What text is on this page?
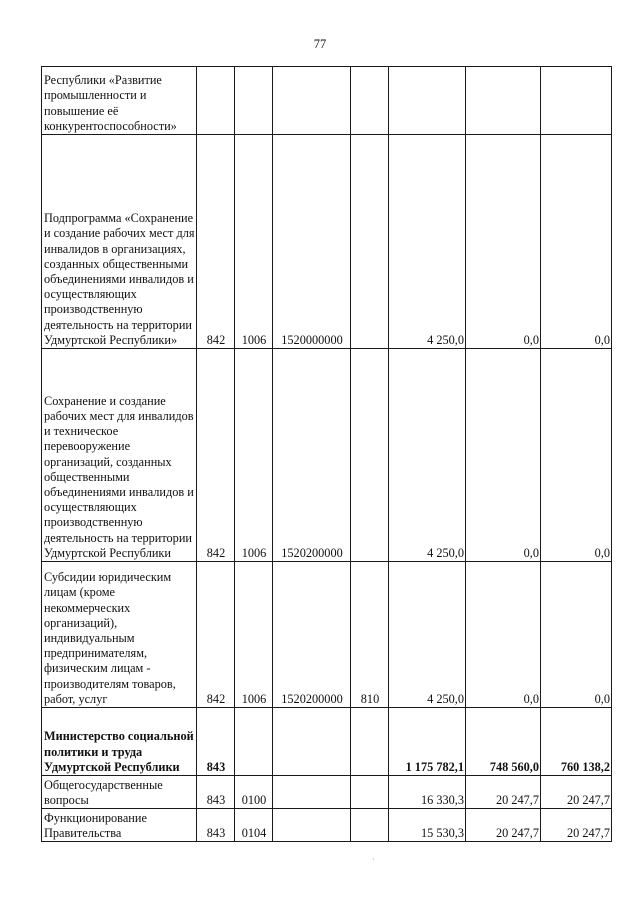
77
Республики «Развитие промышленности и повышение её конкурентоспособности»							
Подпрограмма «Сохранение и создание рабочих мест для инвалидов в организациях, созданных общественными объединениями инвалидов и осуществляющих производственную деятельность на территории Удмуртской Республики»	842	1006	1520000000		4 250,0	0,0	0,0
Сохранение и создание рабочих мест для инвалидов и техническое перевооружение организаций, созданных общественными объединениями инвалидов и осуществляющих производственную деятельность на территории Удмуртской Республики	842	1006	1520200000		4 250,0	0,0	0,0
Субсидии юридическим лицам (кроме некоммерческих организаций), индивидуальным предпринимателям, физическим лицам - производителям товаров, работ, услуг	842	1006	1520200000	810	4 250,0	0,0	0,0
Министерство социальной политики и труда Удмуртской Республики	843				1 175 782,1	748 560,0	760 138,2
Общегосударственные вопросы	843	0100			16 330,3	20 247,7	20 247,7
Функционирование Правительства	843	0104			15 530,3	20 247,7	20 247,7
·
